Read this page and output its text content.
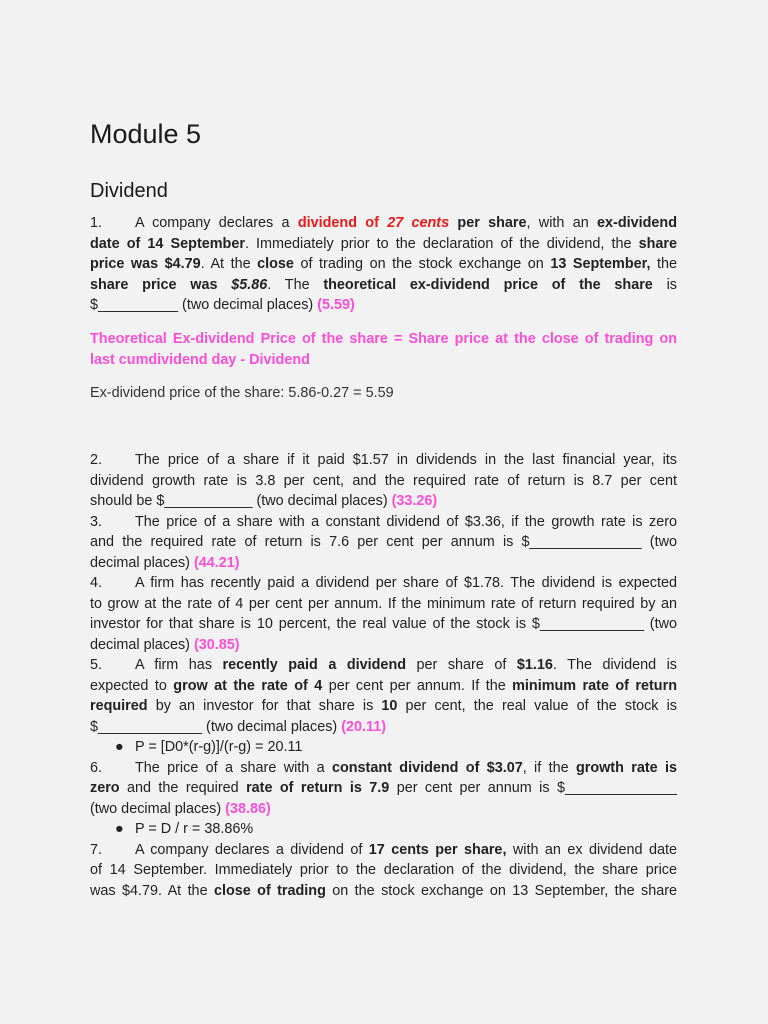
Module 5
Dividend
1. A company declares a dividend of 27 cents per share, with an ex-dividend
date of 14 September. Immediately prior to the declaration of the dividend, the share
price was $4.79. At the close of trading on the stock exchange on 13 September, the
share price was $5.86. The theoretical ex-dividend price of the share is
$__________ (two decimal places) (5.59)
Theoretical Ex-dividend Price of the share = Share price at the close of trading on
last cumdividend day - Dividend
Ex-dividend price of the share: 5.86-0.27 = 5.59
2. The price of a share if it paid $1.57 in dividends in the last financial year, its
dividend growth rate is 3.8 per cent, and the required rate of return is 8.7 per cent
should be $___________ (two decimal places) (33.26)
3. The price of a share with a constant dividend of $3.36, if the growth rate is zero
and the required rate of return is 7.6 per cent per annum is $______________ (two
decimal places) (44.21)
4. A firm has recently paid a dividend per share of $1.78. The dividend is expected
to grow at the rate of 4 per cent per annum. If the minimum rate of return required by an
investor for that share is 10 percent, the real value of the stock is $_____________ (two
decimal places) (30.85)
5. A firm has recently paid a dividend per share of $1.16. The dividend is
expected to grow at the rate of 4 per cent per annum. If the minimum rate of return
required by an investor for that share is 10 per cent, the real value of the stock is
$_____________ (two decimal places) (20.11)
● P = [D0*(r-g)]/(r-g) = 20.11
6. The price of a share with a constant dividend of $3.07, if the growth rate is
zero and the required rate of return is 7.9 per cent per annum is $______________
(two decimal places) (38.86)
● P = D / r = 38.86%
7. A company declares a dividend of 17 cents per share, with an ex dividend date
of 14 September. Immediately prior to the declaration of the dividend, the share price
was $4.79. At the close of trading on the stock exchange on 13 September, the share
